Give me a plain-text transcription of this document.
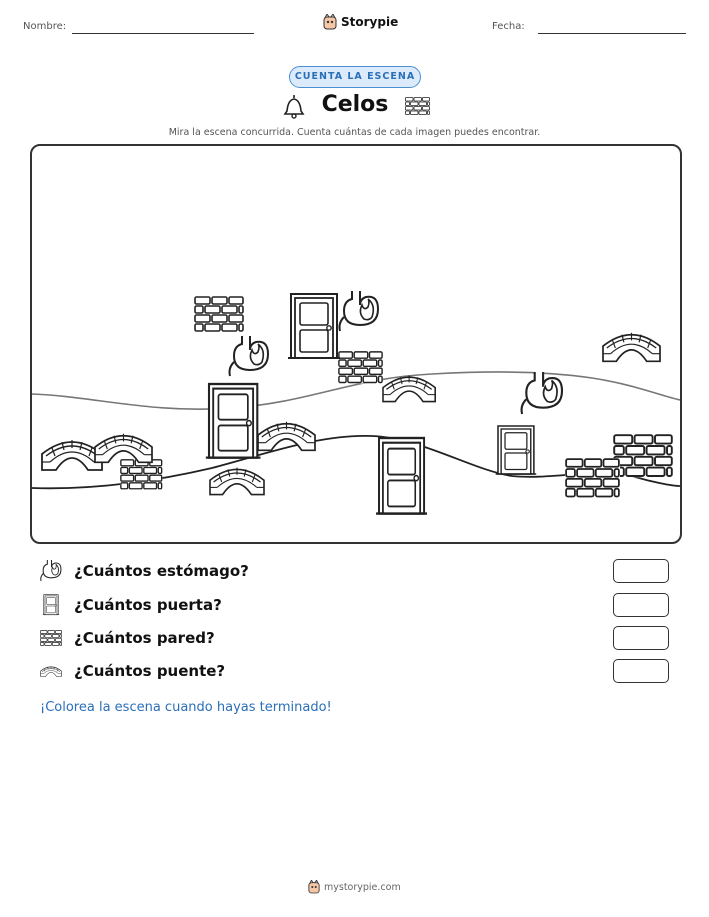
Nombre:	Storypie	Fecha:
CUENTA LA ESCENA
Celos
Mira la escena concurrida. Cuenta cuántas de cada imagen puedes encontrar.
¿Cuántos estómago?
¿Cuántos puerta?
¿Cuántos pared?
¿Cuántos puente?
¡Colorea la escena cuando hayas terminado!
mystorypie.com
